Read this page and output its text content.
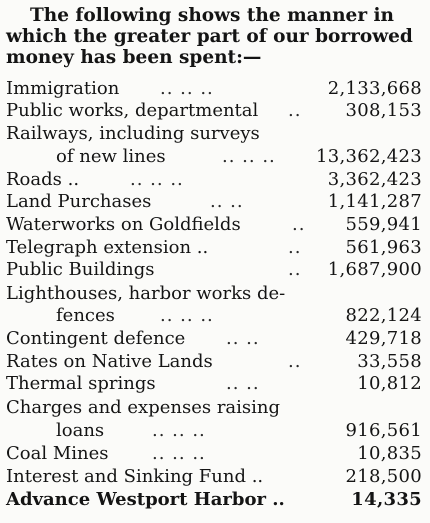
The following shows the manner in
which the greater part of our borrowed
money has been spent:—
Immigration .. .. ..	2,133,668
Public works, departmental .. 308,153
Railways, including surveys
of new lines	.. .. .. 13,362,423
Roads ..	.. .. ..	3,362,423
Land Purchases	.. ..	1,141,287
Waterworks on Goldfields	.. 559,941
Telegraph extension ..	.. 561,963
Public Buildings	.. 1,687,900
Lighthouses, harbor works de-
fences	.. .. ..	822,124
Contingent defence .. ..	429,718
Rates on Native Lands	..	33,558
Thermal springs	.. ..	10,812
Charges and expenses raising
loans	.. .. ..	916,561
Coal Mines .. .. ..	10,835
Interest and Sinking Fund ..	218,500
Advance Westport Harbor ..	14,335
